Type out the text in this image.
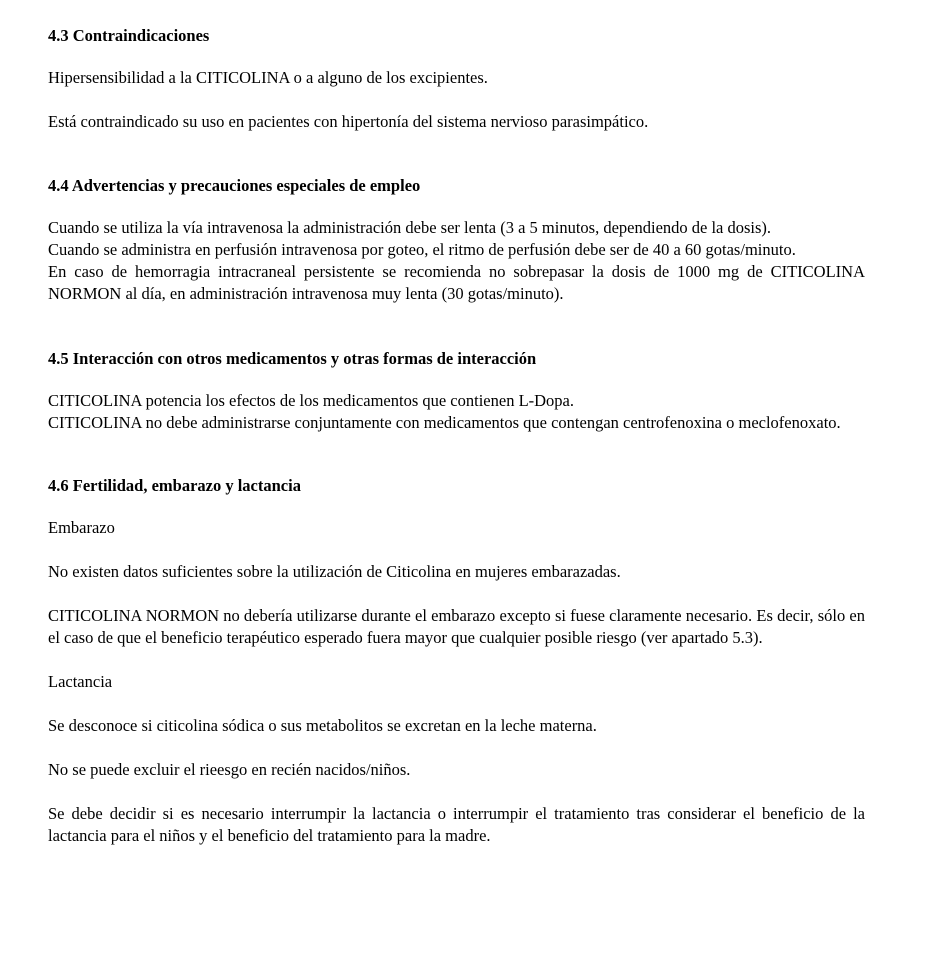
4.3 Contraindicaciones

Hipersensibilidad a la CITICOLINA o a alguno de los excipientes.

Está contraindicado su uso en pacientes con hipertonía del sistema nervioso parasimpático.

4.4 Advertencias y precauciones especiales de empleo

Cuando se utiliza la vía intravenosa la administración debe ser lenta (3 a 5 minutos, dependiendo de la dosis).

Cuando se administra en perfusión intravenosa por goteo, el ritmo de perfusión debe ser de 40 a 60 gotas/minuto.

En caso de hemorragia intracraneal persistente se recomienda no sobrepasar la dosis de 1000 mg de CITICOLINA NORMON al día, en administración intravenosa muy lenta (30 gotas/minuto).

4.5 Interacción con otros medicamentos y otras formas de interacción

CITICOLINA potencia los efectos de los medicamentos que contienen L-Dopa.

CITICOLINA no debe administrarse conjuntamente con medicamentos que contengan centrofenoxina o meclofenoxato.

4.6 Fertilidad, embarazo y lactancia

Embarazo

No existen datos suficientes sobre la utilización de Citicolina en mujeres embarazadas.

CITICOLINA NORMON no debería utilizarse durante el embarazo excepto si fuese claramente necesario. Es decir, sólo en el caso de que el beneficio terapéutico esperado fuera mayor que cualquier posible riesgo (ver apartado 5.3).

Lactancia

Se desconoce si citicolina sódica o sus metabolitos se excretan en la leche materna.

No se puede excluir el rieesgo en recién nacidos/niños.

Se debe decidir si es necesario interrumpir la lactancia o interrumpir el tratamiento tras considerar el beneficio de la lactancia para el niños y el beneficio del tratamiento para la madre.
